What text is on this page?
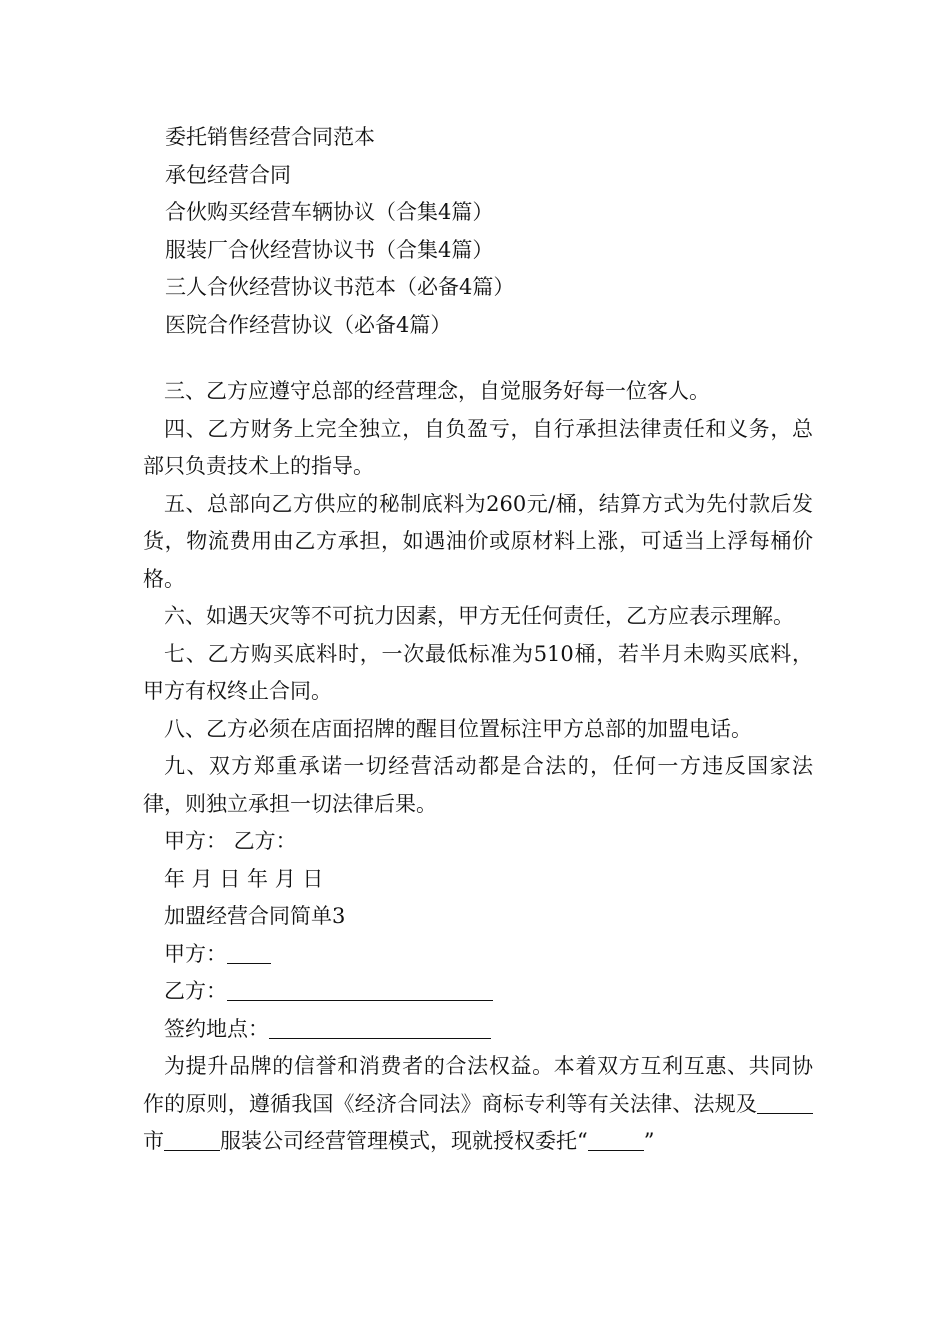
委托销售经营合同范本
承包经营合同
合伙购买经营车辆协议（合集4篇）
服装厂合伙经营协议书（合集4篇）
三人合伙经营协议书范本（必备4篇）
医院合作经营协议（必备4篇）

三、乙方应遵守总部的经营理念，自觉服务好每一位客人。

四、乙方财务上完全独立，自负盈亏，自行承担法律责任和义务，总部只负责技术上的指导。

五、总部向乙方供应的秘制底料为260元/桶，结算方式为先付款后发货，物流费用由乙方承担，如遇油价或原材料上涨，可适当上浮每桶价格。

六、如遇天灾等不可抗力因素，甲方无任何责任，乙方应表示理解。

七、乙方购买底料时，一次最低标准为510桶，若半月未购买底料，甲方有权终止合同。

八、乙方必须在店面招牌的醒目位置标注甲方总部的加盟电话。

九、双方郑重承诺一切经营活动都是合法的，任何一方违反国家法律，则独立承担一切法律后果。

甲方： 乙方：

年 月 日 年 月 日

加盟经营合同简单3

甲方：

乙方：

签约地点：

为提升品牌的信誉和消费者的合法权益。本着双方互利互惠、共同协作的原则，遵循我国《经济合同法》商标专利等有关法律、法规及市	服装公司经营管理模式，现就授权委托“	”
